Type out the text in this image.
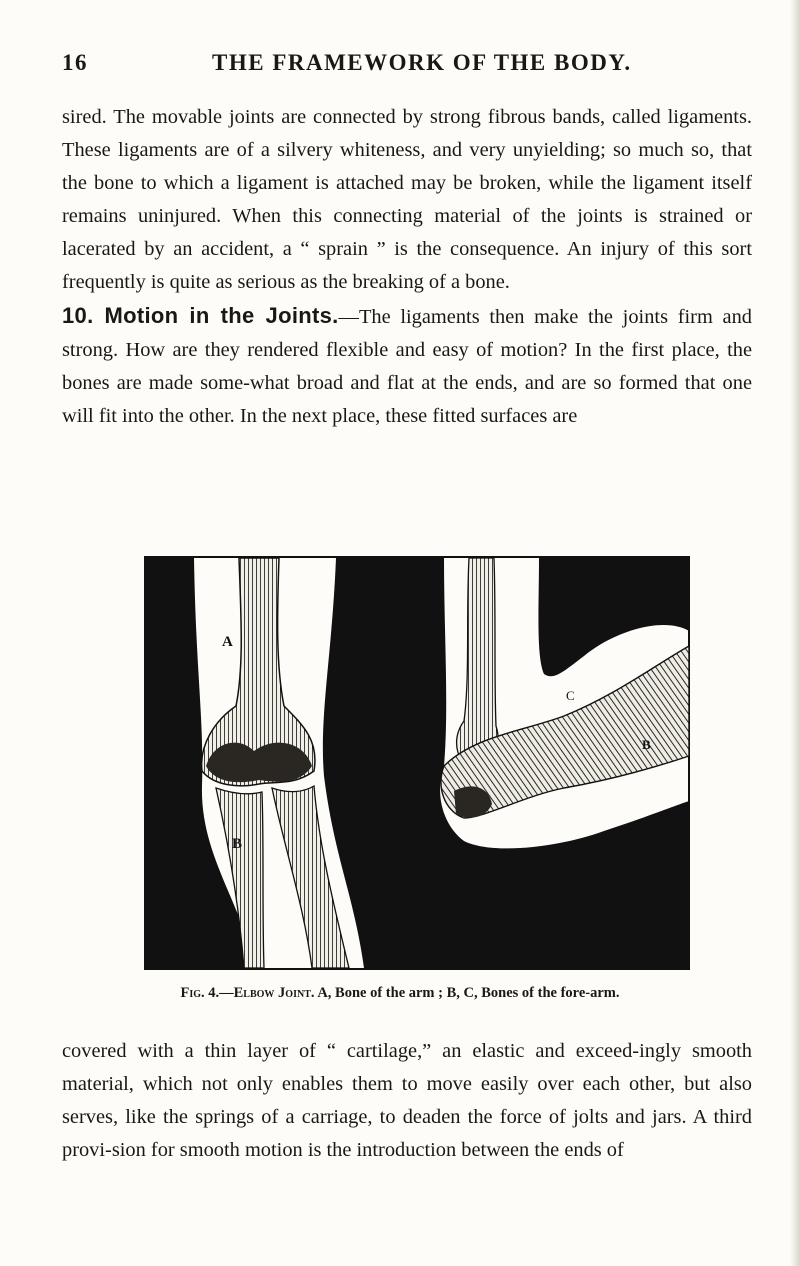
16	THE FRAMEWORK OF THE BODY.

sired. The movable joints are connected by strong fibrous bands, called ligaments. These ligaments are of a silvery whiteness, and very unyielding; so much so, that the bone to which a ligament is attached may be broken, while the ligament itself remains uninjured. When this connecting material of the joints is strained or lacerated by an accident, a “ sprain ” is the consequence. An injury of this sort frequently is quite as serious as the breaking of a bone.

10. Motion in the Joints.—The ligaments then make the joints firm and strong. How are they rendered flexible and easy of motion? In the first place, the bones are made some-what broad and flat at the ends, and are so formed that one will fit into the other. In the next place, these fitted surfaces are

A
B	C
A
C
B
Fig. 4.—Elbow Joint. A, Bone of the arm ; B, C, Bones of the fore-arm.

covered with a thin layer of “ cartilage,” an elastic and exceed-ingly smooth material, which not only enables them to move easily over each other, but also serves, like the springs of a carriage, to deaden the force of jolts and jars. A third provi-sion for smooth motion is the introduction between the ends of
